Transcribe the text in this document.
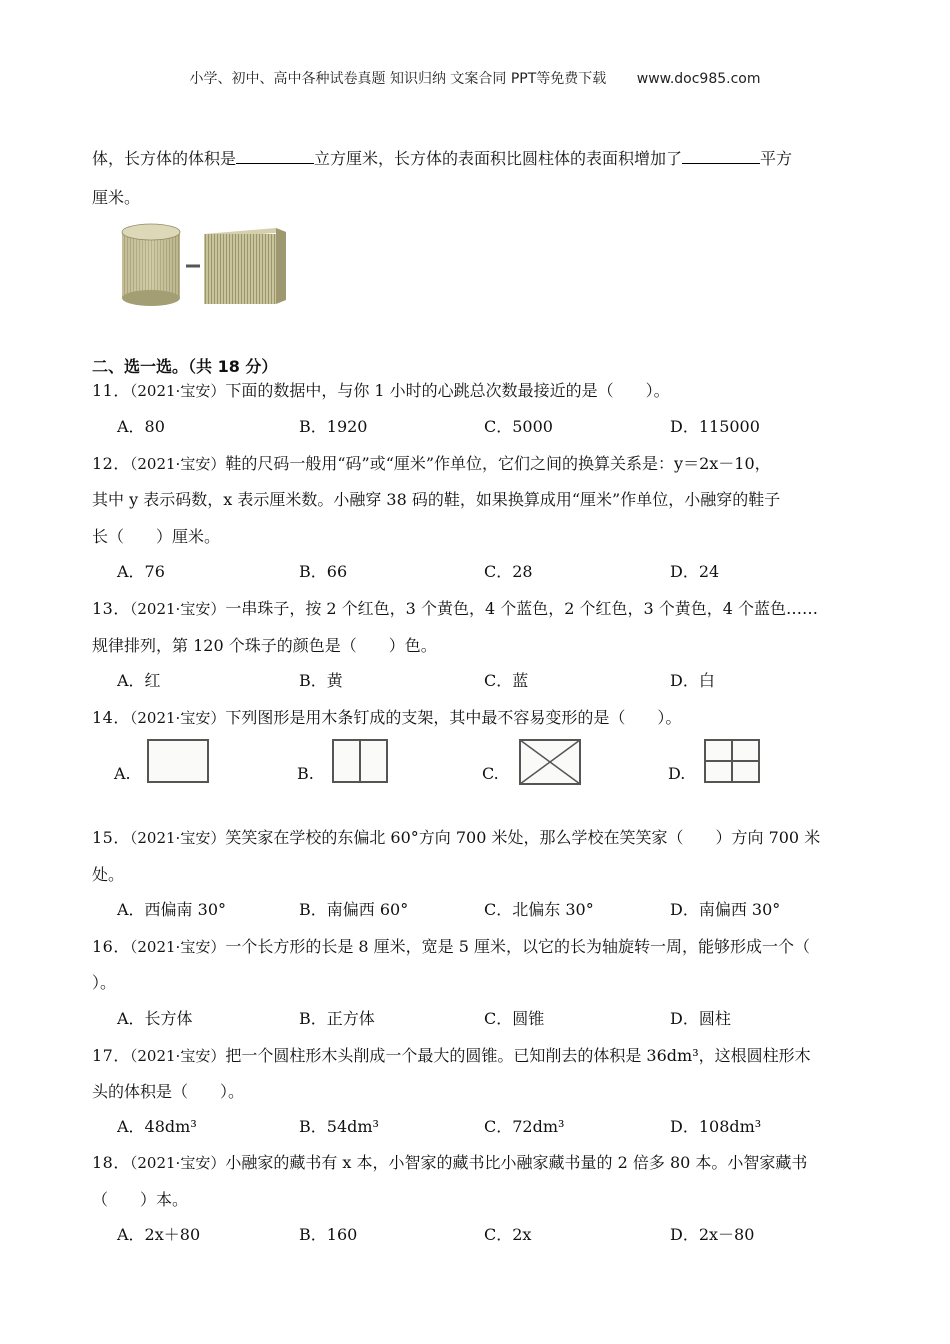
小学、初中、高中各种试卷真题 知识归纳 文案合同 PPT等免费下载 www.doc985.com
体，长方体的体积是	立方厘米，长方体的表面积比圆柱体的表面积增加了	平方
厘米。
二、选一选。（共 18 分）
11．（2021·宝安）下面的数据中，与你 1 小时的心跳总次数最接近的是（　　）。
A．80	B．1920	C．5000	D．115000
12．（2021·宝安）鞋的尺码一般用“码”或“厘米”作单位，它们之间的换算关系是：y＝2x－10，
其中 y 表示码数，x 表示厘米数。小融穿 38 码的鞋，如果换算成用“厘米”作单位，小融穿的鞋子
长（　　）厘米。
A．76	B．66	C．28	D．24
13．（2021·宝安）一串珠子，按 2 个红色，3 个黄色，4 个蓝色，2 个红色，3 个黄色，4 个蓝色……
规律排列，第 120 个珠子的颜色是（　　）色。
A．红	B．黄	C．蓝	D．白
14．（2021·宝安）下列图形是用木条钉成的支架，其中最不容易变形的是（　　）。
A.	B.	C.	D.
15．（2021·宝安）笑笑家在学校的东偏北 60°方向 700 米处，那么学校在笑笑家（　　）方向 700 米
处。
A．西偏南 30°	B．南偏西 60°	C．北偏东 30°	D．南偏西 30°
16．（2021·宝安）一个长方形的长是 8 厘米，宽是 5 厘米，以它的长为轴旋转一周，能够形成一个（
）。
A．长方体	B．正方体	C．圆锥	D．圆柱
17．（2021·宝安）把一个圆柱形木头削成一个最大的圆锥。已知削去的体积是 36dm³，这根圆柱形木
头的体积是（　　）。
A．48dm³	B．54dm³	C．72dm³	D．108dm³
18．（2021·宝安）小融家的藏书有 x 本，小智家的藏书比小融家藏书量的 2 倍多 80 本。小智家藏书
（　　）本。
A．2x＋80	B．160	C．2x	D．2x－80
